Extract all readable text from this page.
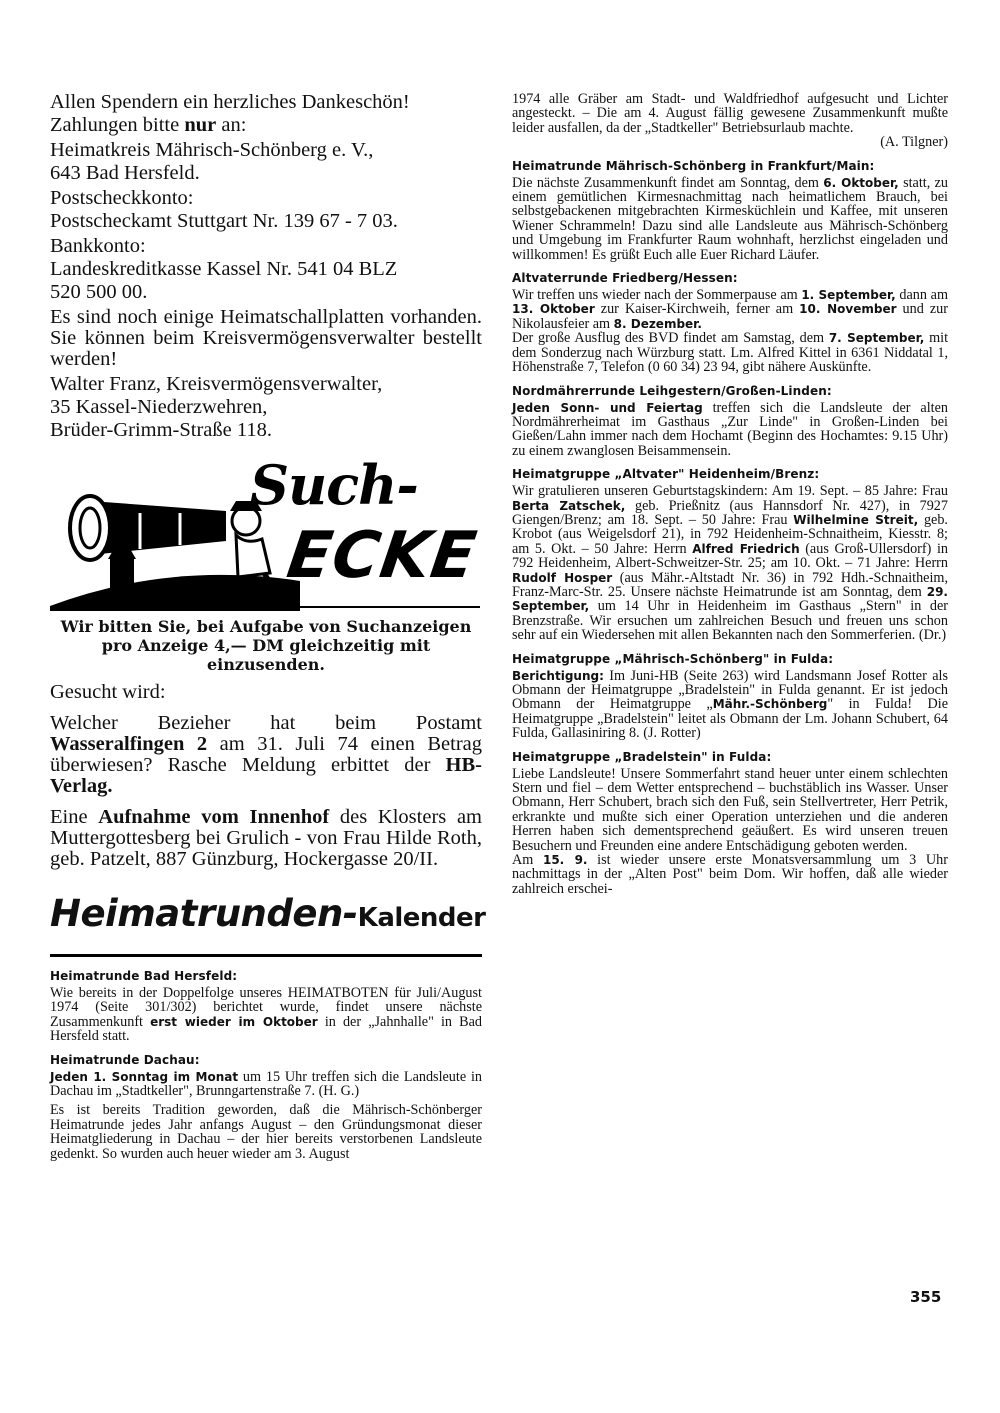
Allen Spendern ein herzliches Dankeschön!

Zahlungen bitte nur an:

Heimatkreis Mährisch-Schönberg e. V.,

643 Bad Hersfeld.

Postscheckkonto:

Postscheckamt Stuttgart Nr. 139 67 - 7 03.

Bankkonto:

Landeskreditkasse Kassel Nr. 541 04 BLZ

520 500 00.

Es sind noch einige Heimatschallplatten vorhanden. Sie können beim Kreisvermögensverwalter bestellt werden!

Walter Franz, Kreisvermögensverwalter,

35 Kassel-Niederzwehren,

Brüder-Grimm-Straße 118.

Such-
ECKE

Wir bitten Sie, bei Aufgabe von Suchanzeigen pro Anzeige 4,— DM gleichzeitig mit einzusenden.

Gesucht wird:

Welcher Bezieher hat beim Postamt Wasseralfingen 2 am 31. Juli 74 einen Betrag überwiesen? Rasche Meldung erbittet der HB-Verlag.

Eine Aufnahme vom Innenhof des Klosters am Muttergottesberg bei Grulich - von Frau Hilde Roth, geb. Patzelt, 887 Günzburg, Hockergasse 20/II.

Heimatrunden-Kalender
Heimatrunde Bad Hersfeld:

Wie bereits in der Doppelfolge unseres HEIMATBOTEN für Juli/August 1974 (Seite 301/302) berichtet wurde, findet unsere nächste Zusammenkunft erst wieder im Oktober in der „Jahnhalle" in Bad Hersfeld statt.

Heimatrunde Dachau:

Jeden 1. Sonntag im Monat um 15 Uhr treffen sich die Landsleute in Dachau im „Stadtkeller", Brunngartenstraße 7. (H. G.)

Es ist bereits Tradition geworden, daß die Mährisch-Schönberger Heimatrunde jedes Jahr anfangs August – den Gründungsmonat dieser Heimatgliederung in Dachau – der hier bereits verstorbenen Landsleute gedenkt. So wurden auch heuer wieder am 3. August

1974 alle Gräber am Stadt- und Waldfriedhof aufgesucht und Lichter angesteckt. – Die am 4. August fällig gewesene Zusammenkunft mußte leider ausfallen, da der „Stadtkeller" Betriebsurlaub machte.

(A. Tilgner)

Heimatrunde Mährisch-Schönberg in Frankfurt/Main:

Die nächste Zusammenkunft findet am Sonntag, dem 6. Oktober, statt, zu einem gemütlichen Kirmesnachmittag nach heimatlichem Brauch, bei selbstgebackenen mitgebrachten Kirmesküchlein und Kaffee, mit unseren Wiener Schrammeln! Dazu sind alle Landsleute aus Mährisch-Schönberg und Umgebung im Frankfurter Raum wohnhaft, herzlichst eingeladen und willkommen! Es grüßt Euch alle Euer Richard Läufer.

Altvaterrunde Friedberg/Hessen:

Wir treffen uns wieder nach der Sommerpause am 1. September, dann am 13. Oktober zur Kaiser-Kirchweih, ferner am 10. November und zur Nikolausfeier am 8. Dezember.

Der große Ausflug des BVD findet am Samstag, dem 7. September, mit dem Sonderzug nach Würzburg statt. Lm. Alfred Kittel in 6361 Niddatal 1, Höhenstraße 7, Telefon (0 60 34) 23 94, gibt nähere Auskünfte.

Nordmährerrunde Leihgestern/Großen-Linden:

Jeden Sonn- und Feiertag treffen sich die Landsleute der alten Nordmährerheimat im Gasthaus „Zur Linde" in Großen-Linden bei Gießen/Lahn immer nach dem Hochamt (Beginn des Hochamtes: 9.15 Uhr) zu einem zwanglosen Beisammensein.

Heimatgruppe „Altvater" Heidenheim/Brenz:

Wir gratulieren unseren Geburtstagskindern: Am 19. Sept. – 85 Jahre: Frau Berta Zatschek, geb. Prießnitz (aus Hannsdorf Nr. 427), in 7927 Giengen/Brenz; am 18. Sept. – 50 Jahre: Frau Wilhelmine Streit, geb. Krobot (aus Weigelsdorf 21), in 792 Heidenheim-Schnaitheim, Kiesstr. 8; am 5. Okt. – 50 Jahre: Herrn Alfred Friedrich (aus Groß-Ullersdorf) in 792 Heidenheim, Albert-Schweitzer-Str. 25; am 10. Okt. – 71 Jahre: Herrn Rudolf Hosper (aus Mähr.-Altstadt Nr. 36) in 792 Hdh.-Schnaitheim, Franz-Marc-Str. 25. Unsere nächste Heimatrunde ist am Sonntag, dem 29. September, um 14 Uhr in Heidenheim im Gasthaus „Stern" in der Brenzstraße. Wir ersuchen um zahlreichen Besuch und freuen uns schon sehr auf ein Wiedersehen mit allen Bekannten nach den Sommerferien. (Dr.)

Heimatgruppe „Mährisch-Schönberg" in Fulda:

Berichtigung: Im Juni-HB (Seite 263) wird Landsmann Josef Rotter als Obmann der Heimatgruppe „Bradelstein" in Fulda genannt. Er ist jedoch Obmann der Heimatgruppe „Mähr.-Schönberg" in Fulda! Die Heimatgruppe „Bradelstein" leitet als Obmann der Lm. Johann Schubert, 64 Fulda, Gallasiniring 8. (J. Rotter)

Heimatgruppe „Bradelstein" in Fulda:

Liebe Landsleute! Unsere Sommerfahrt stand heuer unter einem schlechten Stern und fiel – dem Wetter entsprechend – buchstäblich ins Wasser. Unser Obmann, Herr Schubert, brach sich den Fuß, sein Stellvertreter, Herr Petrik, erkrankte und mußte sich einer Operation unterziehen und die anderen Herren haben sich dementsprechend geäußert. Es wird unseren treuen Besuchern und Freunden eine andere Entschädigung geboten werden.

Am 15. 9. ist wieder unsere erste Monatsversammlung um 3 Uhr nachmittags in der „Alten Post" beim Dom. Wir hoffen, daß alle wieder zahlreich erschei-

355
